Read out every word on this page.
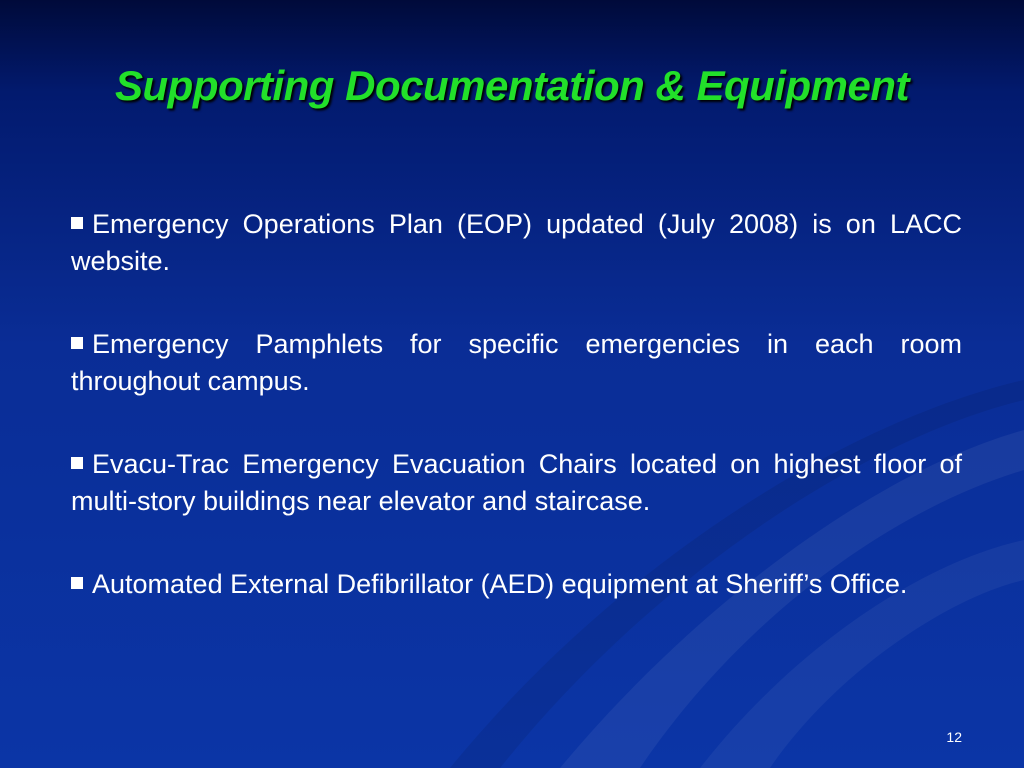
Supporting Documentation & Equipment

Emergency Operations Plan (EOP) updated (July 2008) is on LACC website.

Emergency Pamphlets for specific emergencies in each room throughout campus.

Evacu-Trac Emergency Evacuation Chairs located on highest floor of multi-story buildings near elevator and staircase.

Automated External Defibrillator (AED) equipment at Sheriff’s Office.

12
